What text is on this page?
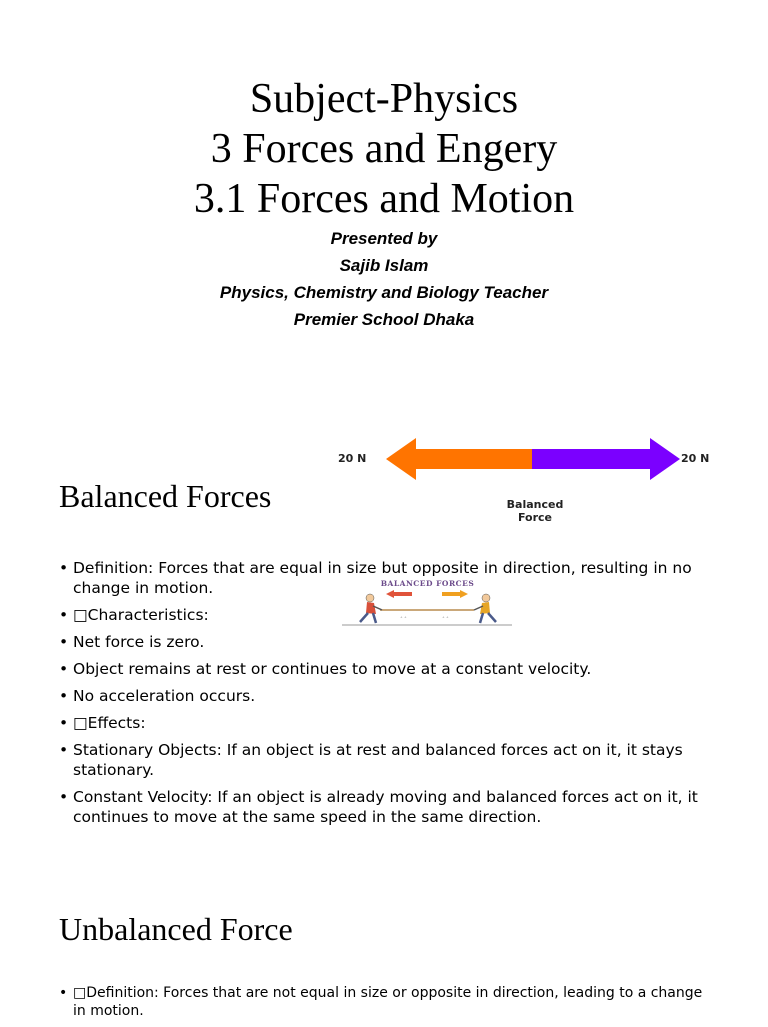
Subject-Physics
3 Forces and Engery
3.1 Forces and Motion
Presented by
Sajib Islam
Physics, Chemistry and Biology Teacher
Premier School Dhaka
20 N	20 N
Balanced
Force
Balanced Forces
BALANCED FORCES
⁺ ⁺	⁺ ⁺
• Definition: Forces that are equal in size but opposite in direction, resulting in no change in motion.
• □Characteristics:
• Net force is zero.
• Object remains at rest or continues to move at a constant velocity.
• No acceleration occurs.
• □Effects:
• Stationary Objects: If an object is at rest and balanced forces act on it, it stays stationary.
• Constant Velocity: If an object is already moving and balanced forces act on it, it continues to move at the same speed in the same direction.
Unbalanced Force
• □Definition: Forces that are not equal in size or opposite in direction, leading to a change in motion.
